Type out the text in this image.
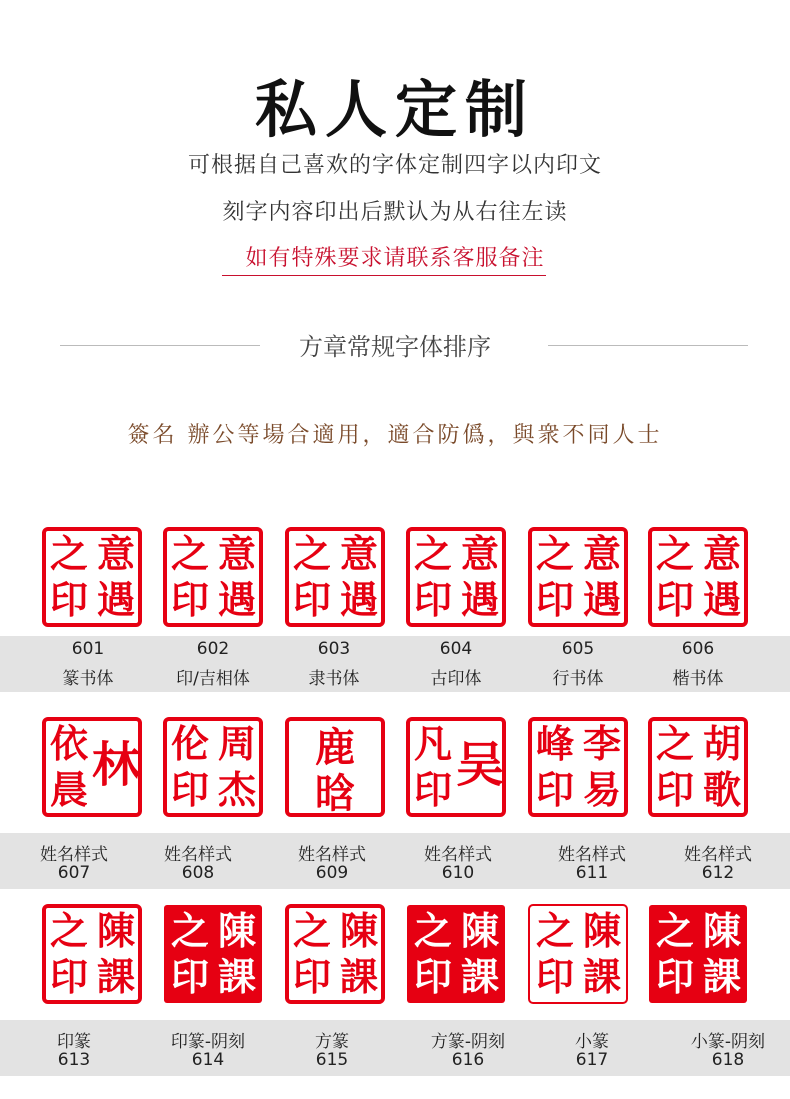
私人定制
可根据自己喜欢的字体定制四字以内印文
刻字内容印出后默认为从右往左读
如有特殊要求请联系客服备注
方章常规字体排序
簽名 辦公等場合適用，適合防僞，與衆不同人士
意
遇
之
印
601
篆书体
意
遇
之
印
602
印/吉相体
意
遇
之
印
603
隶书体
意
遇
之
印
604
古印体
意
遇
之
印
605
行书体
意
遇
之
印
606
楷书体
林
依
晨
姓名样式
607
周
杰
伦
印
姓名样式
608
鹿
晗
姓名样式
609
吴
凡
印
姓名样式
610
李
易
峰
印
姓名样式
611
胡
歌
之
印
姓名样式
612
陳
課
之
印
印篆
613
陳
課
之
印
印篆-阴刻
614
陳
課
之
印
方篆
615
陳
課
之
印
方篆-阴刻
616
陳
課
之
印
小篆
617
陳
課
之
印
小篆-阴刻
618
